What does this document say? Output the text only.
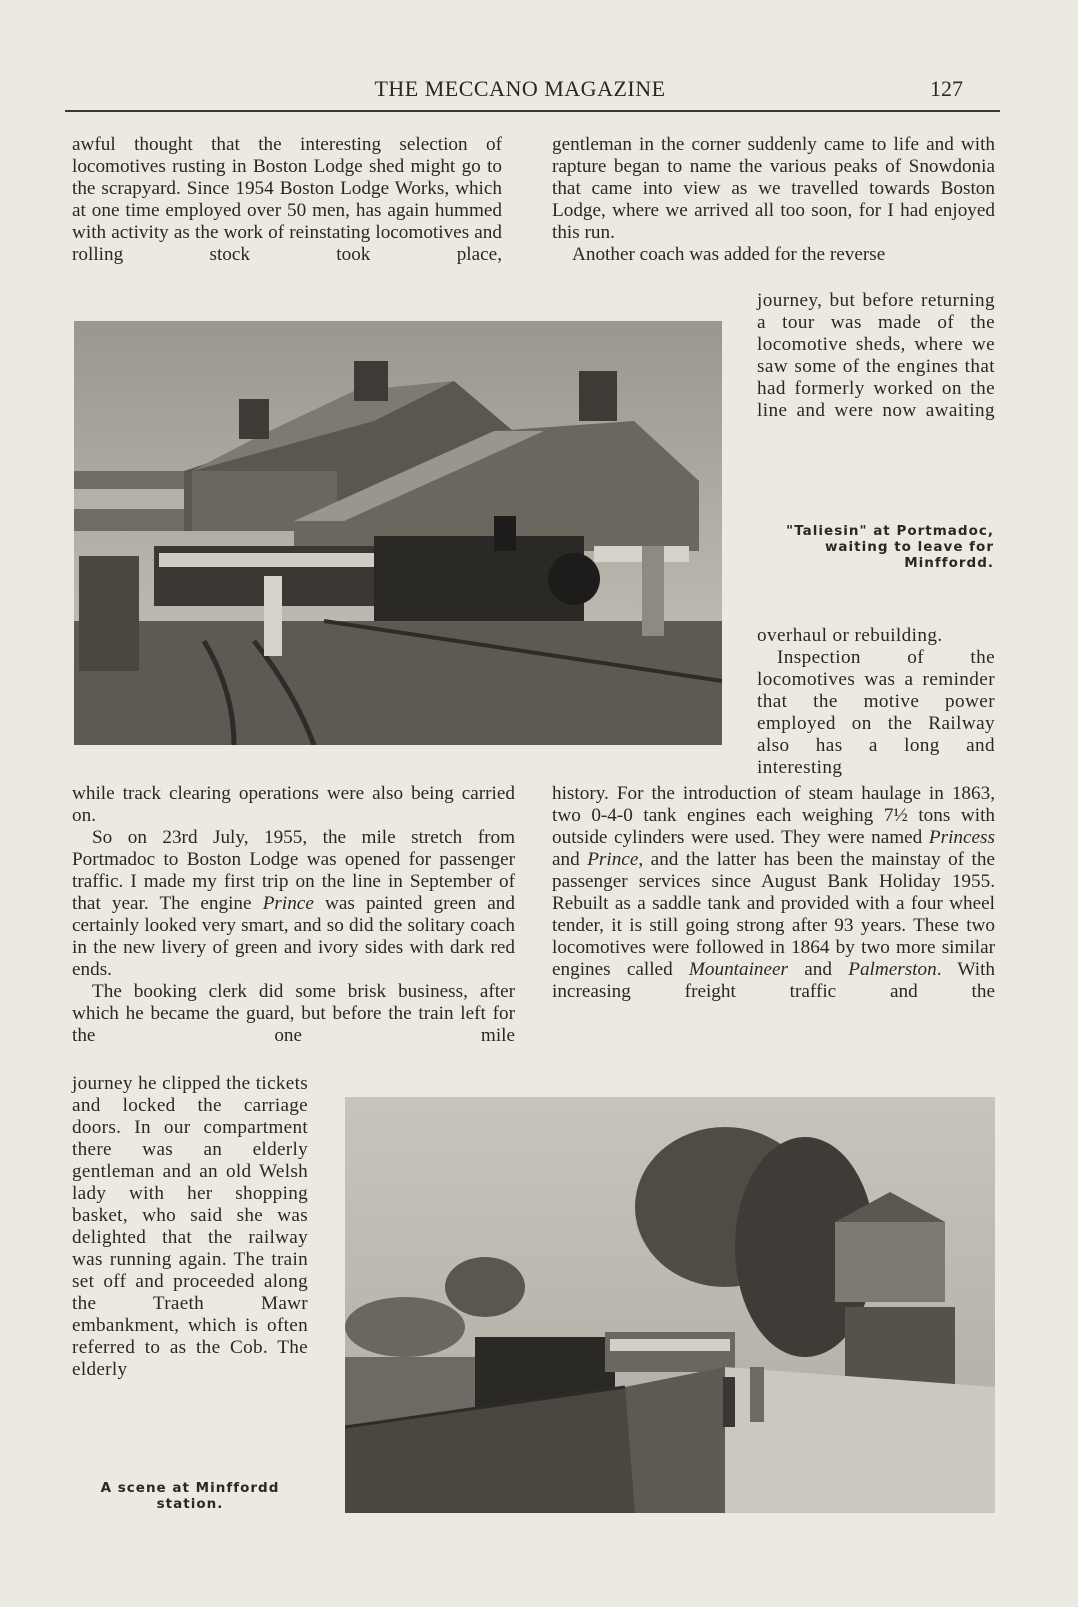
THE MECCANO MAGAZINE	127

awful thought that the interesting selection of locomotives rusting in Boston Lodge shed might go to the scrapyard. Since 1954 Boston Lodge Works, which at one time employed over 50 men, has again hummed with activity as the work of reinstating locomotives and rolling stock took place,

gentleman in the corner suddenly came to life and with rapture began to name the various peaks of Snowdonia that came into view as we travelled towards Boston Lodge, where we arrived all too soon, for I had enjoyed this run.

Another coach was added for the reverse

journey, but before returning a tour was made of the locomotive sheds, where we saw some of the engines that had formerly worked on the line and were now awaiting

"Taliesin" at Portmadoc, waiting to leave for Minffordd.

overhaul or rebuilding.

Inspection of the locomotives was a reminder that the motive power employed on the Railway also has a long and interesting

while track clearing operations were also being carried on.

So on 23rd July, 1955, the mile stretch from Portmadoc to Boston Lodge was opened for passenger traffic. I made my first trip on the line in September of that year. The engine Prince was painted green and certainly looked very smart, and so did the solitary coach in the new livery of green and ivory sides with dark red ends.

The booking clerk did some brisk business, after which he became the guard, but before the train left for the one mile

history. For the introduction of steam haulage in 1863, two 0-4-0 tank engines each weighing 7½ tons with outside cylinders were used. They were named Princess and Prince, and the latter has been the mainstay of the passenger services since August Bank Holiday 1955. Rebuilt as a saddle tank and provided with a four wheel tender, it is still going strong after 93 years. These two locomotives were followed in 1864 by two more similar engines called Mountaineer and Palmerston. With increasing freight traffic and the

journey he clipped the tickets and locked the carriage doors. In our compartment there was an elderly gentleman and an old Welsh lady with her shopping basket, who said she was delighted that the railway was running again. The train set off and proceeded along the Traeth Mawr embankment, which is often referred to as the Cob. The elderly

A scene at Minffordd station.
